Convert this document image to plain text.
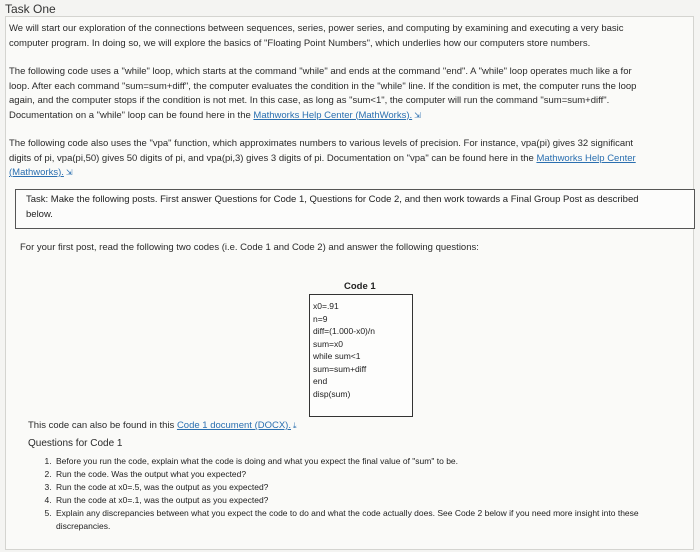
Task One
We will start our exploration of the connections between sequences, series, power series, and computing by examining and executing a very basic
computer program. In doing so, we will explore the basics of "Floating Point Numbers", which underlies how our computers store numbers.
The following code uses a "while" loop, which starts at the command "while" and ends at the command "end". A "while" loop operates much like a for
loop. After each command "sum=sum+diff", the computer evaluates the condition in the "while" line. If the condition is met, the computer runs the loop
again, and the computer stops if the condition is not met. In this case, as long as "sum<1", the computer will run the command "sum=sum+diff".
Documentation on a "while" loop can be found here in the Mathworks Help Center (MathWorks). ⇲
The following code also uses the "vpa" function, which approximates numbers to various levels of precision. For instance, vpa(pi) gives 32 significant
digits of pi, vpa(pi,50) gives 50 digits of pi, and vpa(pi,3) gives 3 digits of pi. Documentation on "vpa" can be found here in the Mathworks Help Center
(Mathworks). ⇲
Task: Make the following posts. First answer Questions for Code 1, Questions for Code 2, and then work towards a Final Group Post as described
below.
For your first post, read the following two codes (i.e. Code 1 and Code 2) and answer the following questions:
Code 1
x0=.91
n=9
diff=(1.000-x0)/n
sum=x0
while sum<1
sum=sum+diff
end
disp(sum)
This code can also be found in this Code 1 document (DOCX). ⤓
Questions for Code 1
1. Before you run the code, explain what the code is doing and what you expect the final value of "sum" to be.
2. Run the code. Was the output what you expected?
3. Run the code at x0=.5, was the output as you expected?
4. Run the code at x0=.1, was the output as you expected?
5. Explain any discrepancies between what you expect the code to do and what the code actually does. See Code 2 below if you need more insight into these discrepancies.
